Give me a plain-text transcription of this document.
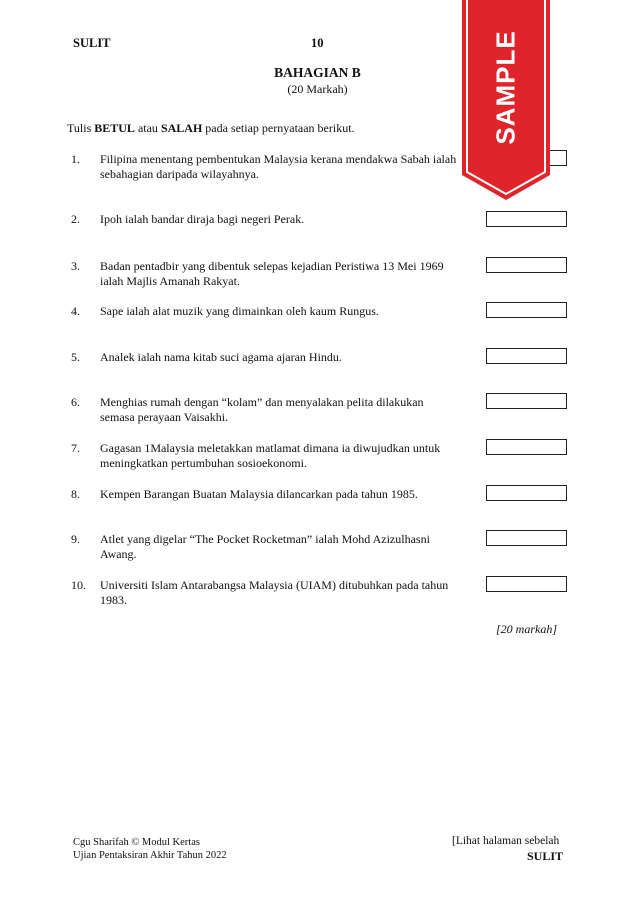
SULIT	10
BAHAGIAN B
(20 Markah)
Tulis BETUL atau SALAH pada setiap pernyataan berikut.
1. Filipina menentang pembentukan Malaysia kerana mendakwa Sabah ialah sebahagian daripada wilayahnya.
2. Ipoh ialah bandar diraja bagi negeri Perak.
3. Badan pentadbir yang dibentuk selepas kejadian Peristiwa 13 Mei 1969 ialah Majlis Amanah Rakyat.
4. Sape ialah alat muzik yang dimainkan oleh kaum Rungus.
5. Analek ialah nama kitab suci agama ajaran Hindu.
6. Menghias rumah dengan “kolam” dan menyalakan pelita dilakukan semasa perayaan Vaisakhi.
7. Gagasan 1Malaysia meletakkan matlamat dimana ia diwujudkan untuk meningkatkan pertumbuhan sosioekonomi.
8. Kempen Barangan Buatan Malaysia dilancarkan pada tahun 1985.
9. Atlet yang digelar “The Pocket Rocketman” ialah Mohd Azizulhasni Awang.
10. Universiti Islam Antarabangsa Malaysia (UIAM) ditubuhkan pada tahun 1983.
[20 markah]
Cgu Sharifah © Modul Kertas
Ujian Pentaksiran Akhir Tahun 2022
[Lihat halaman sebelah
SULIT
SAMPLE
